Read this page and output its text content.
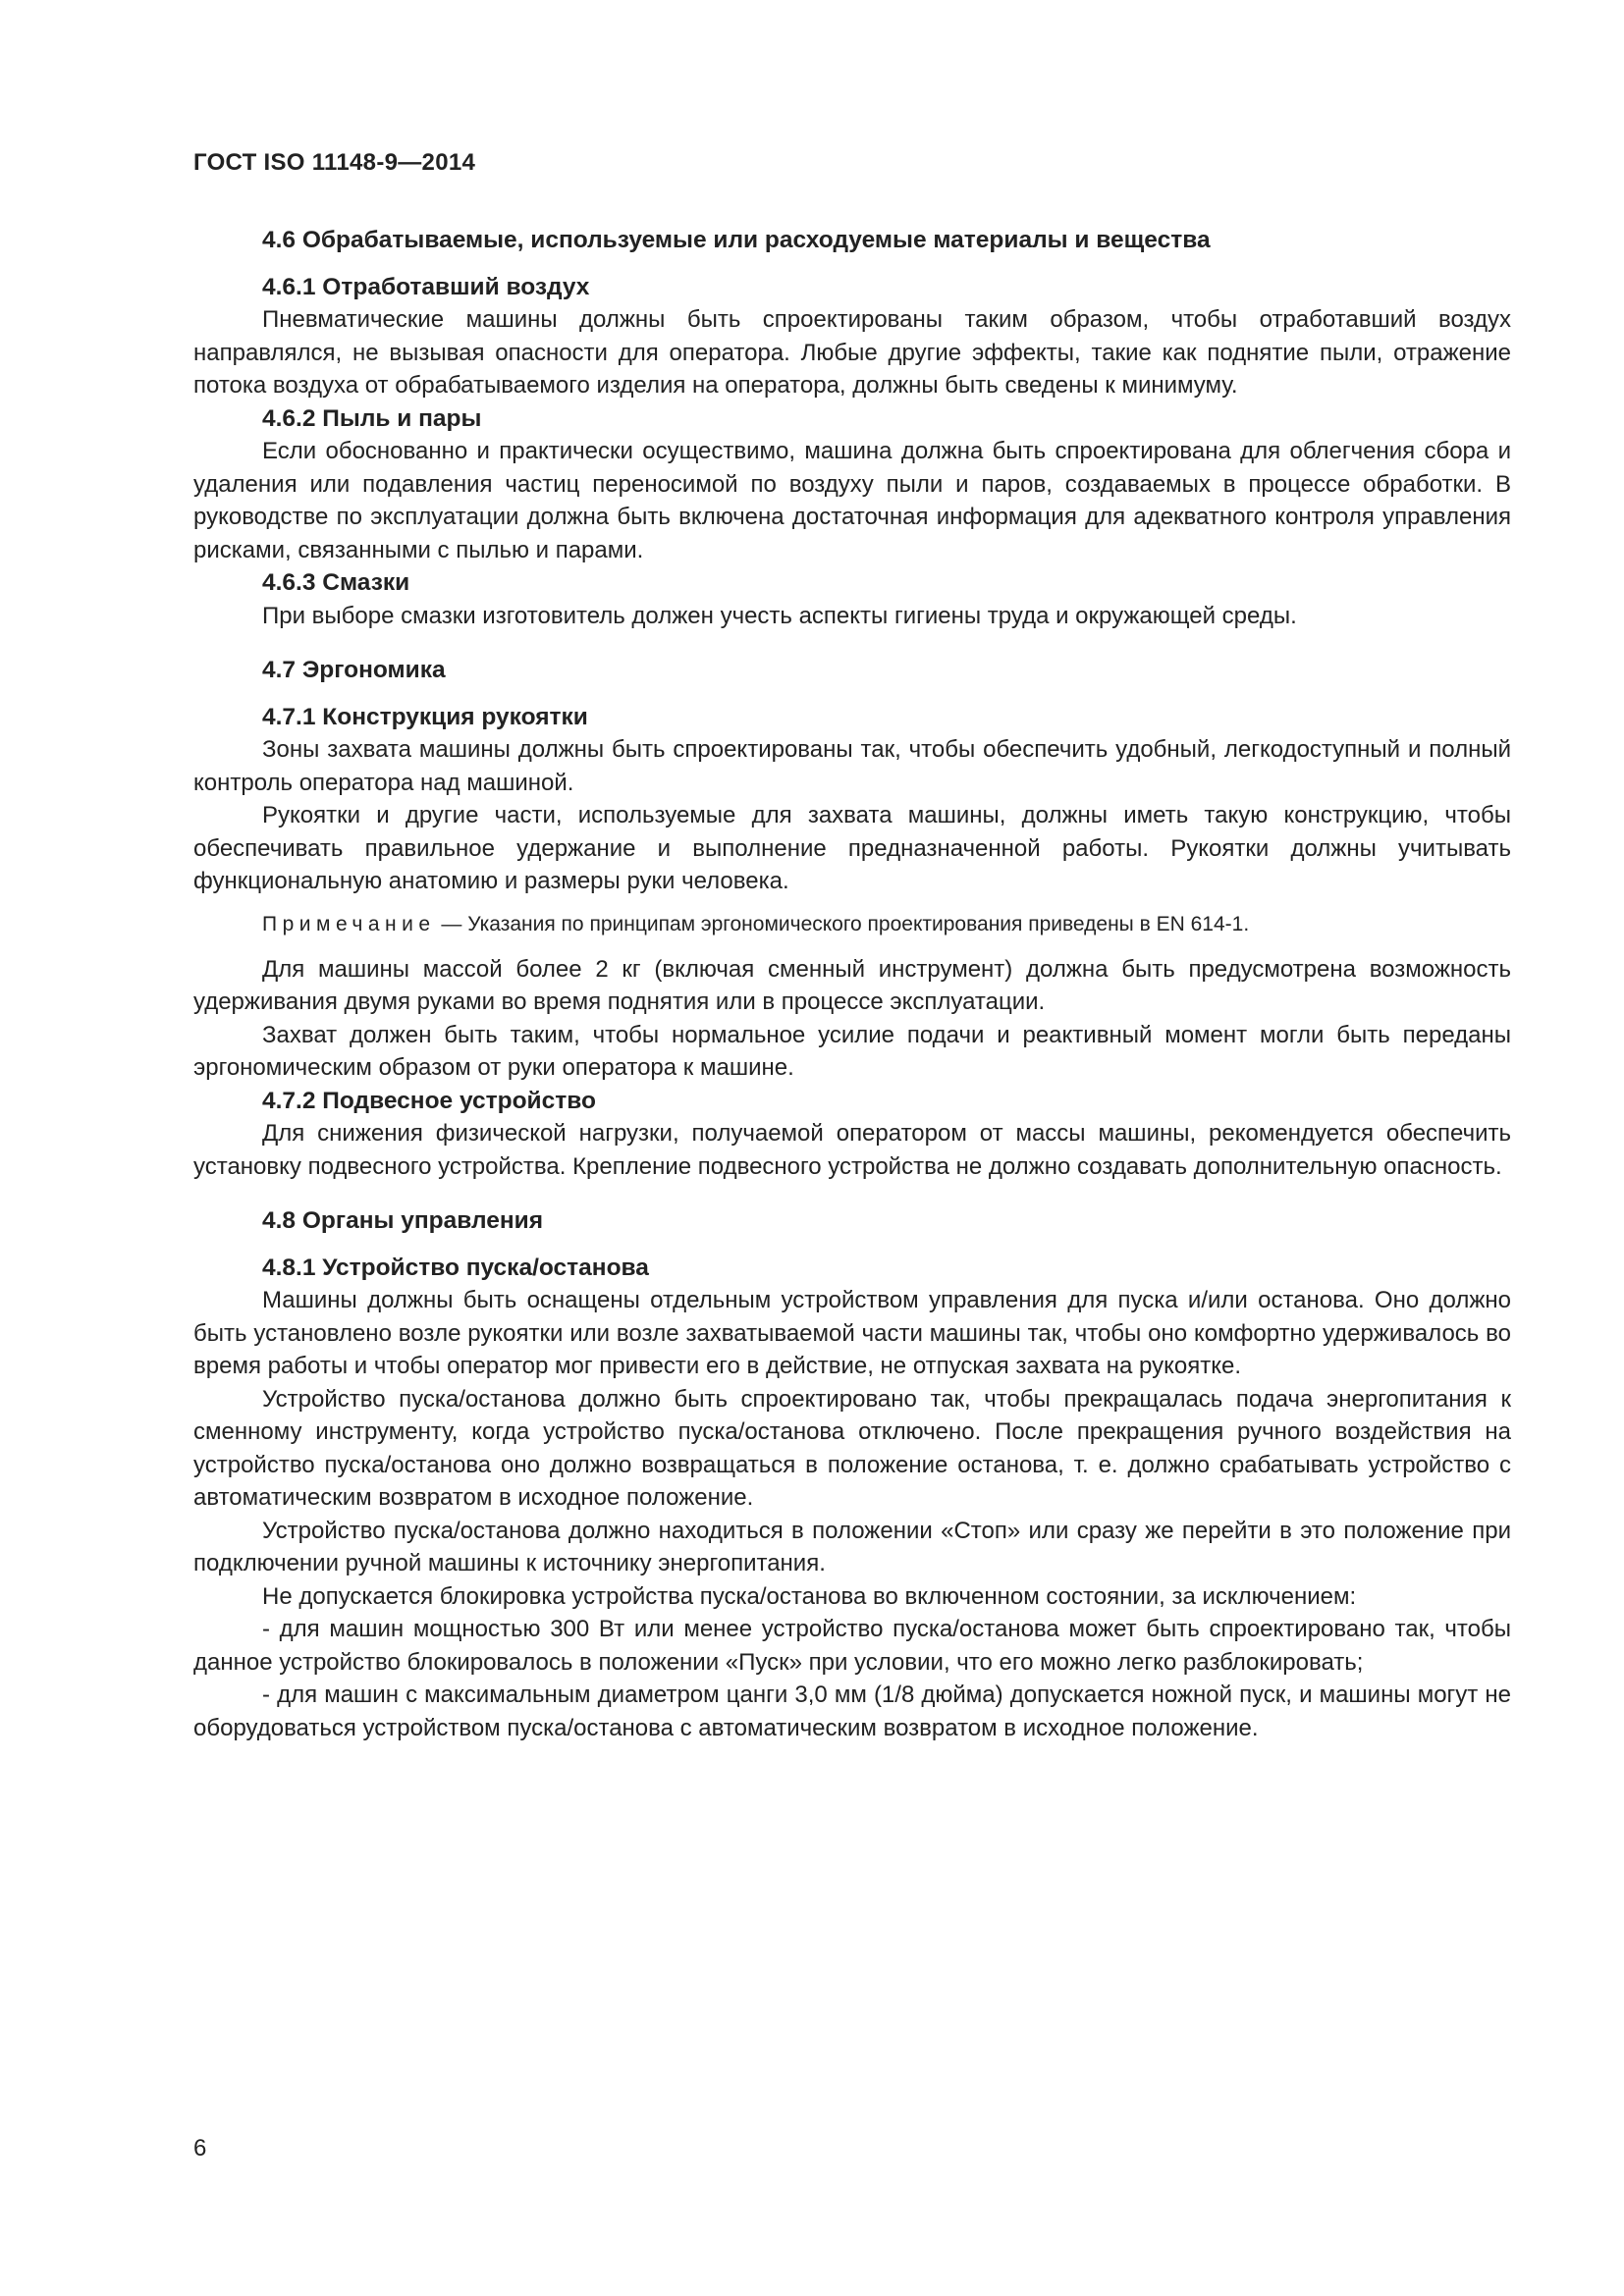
ГОСТ ISO 11148-9—2014
4.6 Обрабатываемые, используемые или расходуемые материалы и вещества
4.6.1 Отработавший воздух

Пневматические машины должны быть спроектированы таким образом, чтобы отработавший воздух направлялся, не вызывая опасности для оператора. Любые другие эффекты, такие как поднятие пыли, отражение потока воздуха от обрабатываемого изделия на оператора, должны быть сведены к минимуму.

4.6.2 Пыль и пары

Если обоснованно и практически осуществимо, машина должна быть спроектирована для облегчения сбора и удаления или подавления частиц переносимой по воздуху пыли и паров, создаваемых в процессе обработки. В руководстве по эксплуатации должна быть включена достаточная информация для адекватного контроля управления рисками, связанными с пылью и парами.

4.6.3 Смазки

При выборе смазки изготовитель должен учесть аспекты гигиены труда и окружающей среды.

4.7 Эргономика
4.7.1 Конструкция рукоятки

Зоны захвата машины должны быть спроектированы так, чтобы обеспечить удобный, легкодоступный и полный контроль оператора над машиной.

Рукоятки и другие части, используемые для захвата машины, должны иметь такую конструкцию, чтобы обеспечивать правильное удержание и выполнение предназначенной работы. Рукоятки должны учитывать функциональную анатомию и размеры руки человека.

Примечание — Указания по принципам эргономического проектирования приведены в EN 614-1.

Для машины массой более 2 кг (включая сменный инструмент) должна быть предусмотрена возможность удерживания двумя руками во время поднятия или в процессе эксплуатации.

Захват должен быть таким, чтобы нормальное усилие подачи и реактивный момент могли быть переданы эргономическим образом от руки оператора к машине.

4.7.2 Подвесное устройство

Для снижения физической нагрузки, получаемой оператором от массы машины, рекомендуется обеспечить установку подвесного устройства. Крепление подвесного устройства не должно создавать дополнительную опасность.

4.8 Органы управления
4.8.1 Устройство пуска/останова

Машины должны быть оснащены отдельным устройством управления для пуска и/или останова. Оно должно быть установлено возле рукоятки или возле захватываемой части машины так, чтобы оно комфортно удерживалось во время работы и чтобы оператор мог привести его в действие, не отпуская захвата на рукоятке.

Устройство пуска/останова должно быть спроектировано так, чтобы прекращалась подача энергопитания к сменному инструменту, когда устройство пуска/останова отключено. После прекращения ручного воздействия на устройство пуска/останова оно должно возвращаться в положение останова, т. е. должно срабатывать устройство с автоматическим возвратом в исходное положение.

Устройство пуска/останова должно находиться в положении «Стоп» или сразу же перейти в это положение при подключении ручной машины к источнику энергопитания.

Не допускается блокировка устройства пуска/останова во включенном состоянии, за исключением:

- для машин мощностью 300 Вт или менее устройство пуска/останова может быть спроектировано так, чтобы данное устройство блокировалось в положении «Пуск» при условии, что его можно легко разблокировать;

- для машин с максимальным диаметром цанги 3,0 мм (1/8 дюйма) допускается ножной пуск, и машины могут не оборудоваться устройством пуска/останова с автоматическим возвратом в исходное положение.

6
